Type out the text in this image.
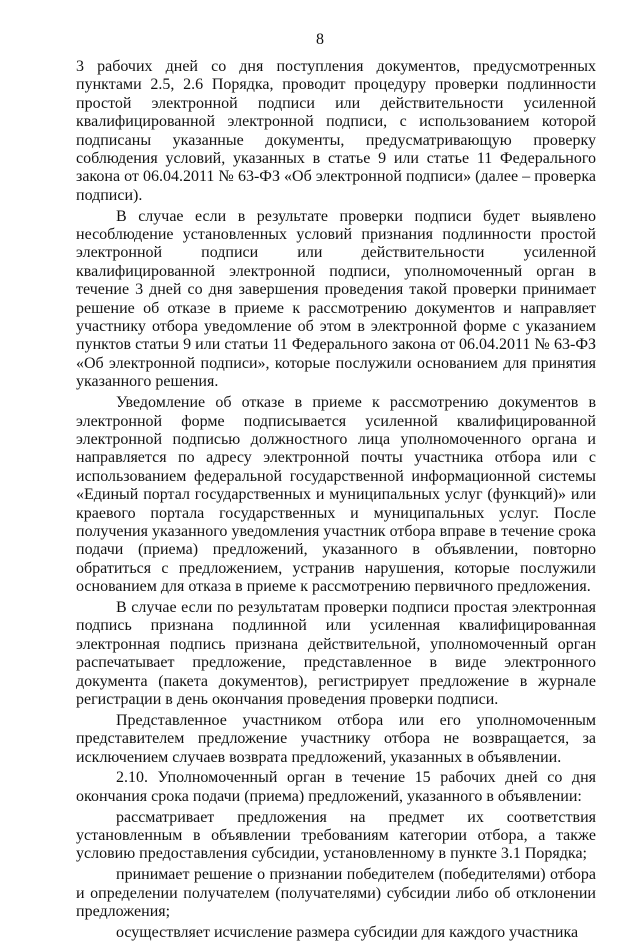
8

3 рабочих дней со дня поступления документов, предусмотренных пунктами 2.5, 2.6 Порядка, проводит процедуру проверки подлинности простой электронной подписи или действительности усиленной квалифицированной электронной подписи, с использованием которой подписаны указанные документы, предусматривающую проверку соблюдения условий, указанных в статье 9 или статье 11 Федерального закона от 06.04.2011 № 63-ФЗ «Об электронной подписи» (далее – проверка подписи).

В случае если в результате проверки подписи будет выявлено несоблюдение установленных условий признания подлинности простой электронной подписи или действительности усиленной квалифицированной электронной подписи, уполномоченный орган в течение 3 дней со дня завершения проведения такой проверки принимает решение об отказе в приеме к рассмотрению документов и направляет участнику отбора уведомление об этом в электронной форме с указанием пунктов статьи 9 или статьи 11 Федерального закона от 06.04.2011 № 63-ФЗ «Об электронной подписи», которые послужили основанием для принятия указанного решения.

Уведомление об отказе в приеме к рассмотрению документов в электронной форме подписывается усиленной квалифицированной электронной подписью должностного лица уполномоченного органа и направляется по адресу электронной почты участника отбора или с использованием федеральной государственной информационной системы «Единый портал государственных и муниципальных услуг (функций)» или краевого портала государственных и муниципальных услуг. После получения указанного уведомления участник отбора вправе в течение срока подачи (приема) предложений, указанного в объявлении, повторно обратиться с предложением, устранив нарушения, которые послужили основанием для отказа в приеме к рассмотрению первичного предложения.

В случае если по результатам проверки подписи простая электронная подпись признана подлинной или усиленная квалифицированная электронная подпись признана действительной, уполномоченный орган распечатывает предложение, представленное в виде электронного документа (пакета документов), регистрирует предложение в журнале регистрации в день окончания проведения проверки подписи.

Представленное участником отбора или его уполномоченным представителем предложение участнику отбора не возвращается, за исключением случаев возврата предложений, указанных в объявлении.

2.10. Уполномоченный орган в течение 15 рабочих дней со дня окончания срока подачи (приема) предложений, указанного в объявлении:

рассматривает предложения на предмет их соответствия установленным в объявлении требованиям категории отбора, а также условию предоставления субсидии, установленному в пункте 3.1 Порядка;

принимает решение о признании победителем (победителями) отбора и определении получателем (получателями) субсидии либо об отклонении предложения;

осуществляет исчисление размера субсидии для каждого участника
